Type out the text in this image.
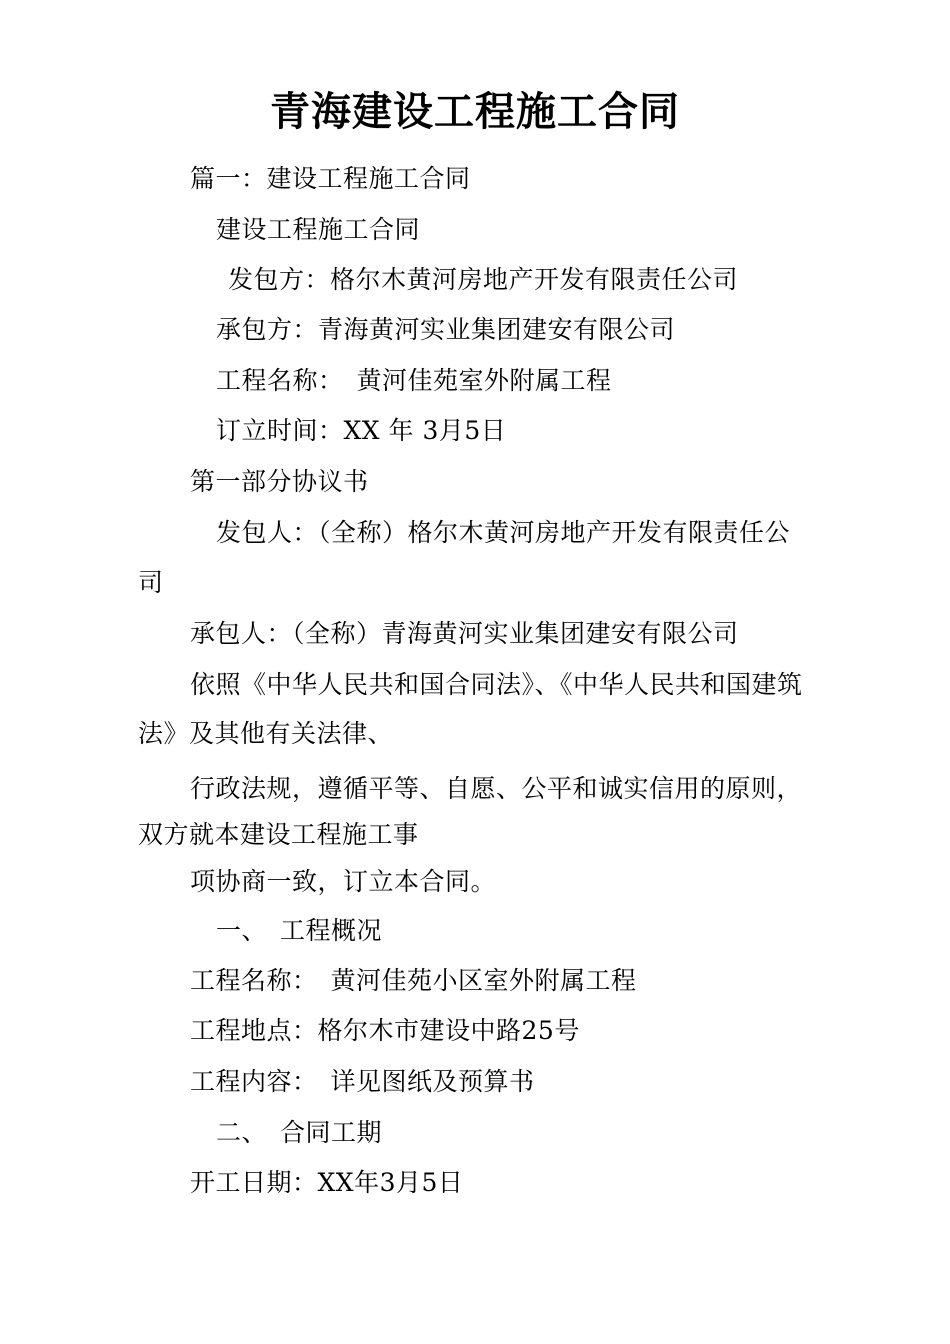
青海建设工程施工合同
篇一：建设工程施工合同
建设工程施工合同
发包方：格尔木黄河房地产开发有限责任公司
承包方：青海黄河实业集团建安有限公司
工程名称：　黄河佳苑室外附属工程
订立时间：XX 年 3月5日
第一部分协议书
发包人：（全称）格尔木黄河房地产开发有限责任公
司
承包人：（全称）青海黄河实业集团建安有限公司
依照《中华人民共和国合同法》、《中华人民共和国建筑
法》及其他有关法律、
行政法规，遵循平等、自愿、公平和诚实信用的原则，
双方就本建设工程施工事
项协商一致，订立本合同。
一、　工程概况
工程名称：　黄河佳苑小区室外附属工程
工程地点：格尔木市建设中路25号
工程内容：　详见图纸及预算书
二、　合同工期
开工日期：XX年3月5日
